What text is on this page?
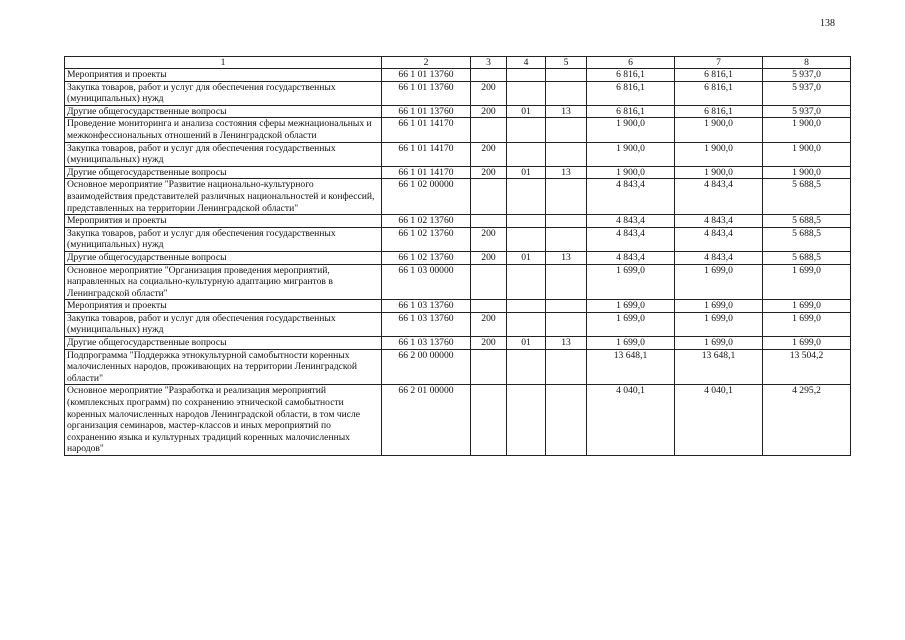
138
1	2	3	4	5	6	7	8
Мероприятия и проекты	66 1 01 13760				6 816,1	6 816,1	5 937,0
Закупка товаров, работ и услуг для обеспечения государственных (муниципальных) нужд	66 1 01 13760	200			6 816,1	6 816,1	5 937,0
Другие общегосударственные вопросы	66 1 01 13760	200	01	13	6 816,1	6 816,1	5 937,0
Проведение мониторинга и анализа состояния сферы межнациональных и межконфессиональных отношений в Ленинградской области	66 1 01 14170				1 900,0	1 900,0	1 900,0
Закупка товаров, работ и услуг для обеспечения государственных (муниципальных) нужд	66 1 01 14170	200			1 900,0	1 900,0	1 900,0
Другие общегосударственные вопросы	66 1 01 14170	200	01	13	1 900,0	1 900,0	1 900,0
Основное мероприятие "Развитие национально-культурного взаимодействия представителей различных национальностей и конфессий, представленных на территории Ленинградской области"	66 1 02 00000				4 843,4	4 843,4	5 688,5
Мероприятия и проекты	66 1 02 13760				4 843,4	4 843,4	5 688,5
Закупка товаров, работ и услуг для обеспечения государственных (муниципальных) нужд	66 1 02 13760	200			4 843,4	4 843,4	5 688,5
Другие общегосударственные вопросы	66 1 02 13760	200	01	13	4 843,4	4 843,4	5 688,5
Основное мероприятие "Организация проведения мероприятий, направленных на социально-культурную адаптацию мигрантов в Ленинградской области"	66 1 03 00000				1 699,0	1 699,0	1 699,0
Мероприятия и проекты	66 1 03 13760				1 699,0	1 699,0	1 699,0
Закупка товаров, работ и услуг для обеспечения государственных (муниципальных) нужд	66 1 03 13760	200			1 699,0	1 699,0	1 699,0
Другие общегосударственные вопросы	66 1 03 13760	200	01	13	1 699,0	1 699,0	1 699,0
Подпрограмма "Поддержка этнокультурной самобытности коренных малочисленных народов, проживающих на территории Ленинградской области"	66 2 00 00000				13 648,1	13 648,1	13 504,2
Основное мероприятие "Разработка и реализация мероприятий (комплексных программ) по сохранению этнической самобытности коренных малочисленных народов Ленинградской области, в том числе организация семинаров, мастер-классов и иных мероприятий по сохранению языка и культурных традиций коренных малочисленных народов"	66 2 01 00000				4 040,1	4 040,1	4 295,2
